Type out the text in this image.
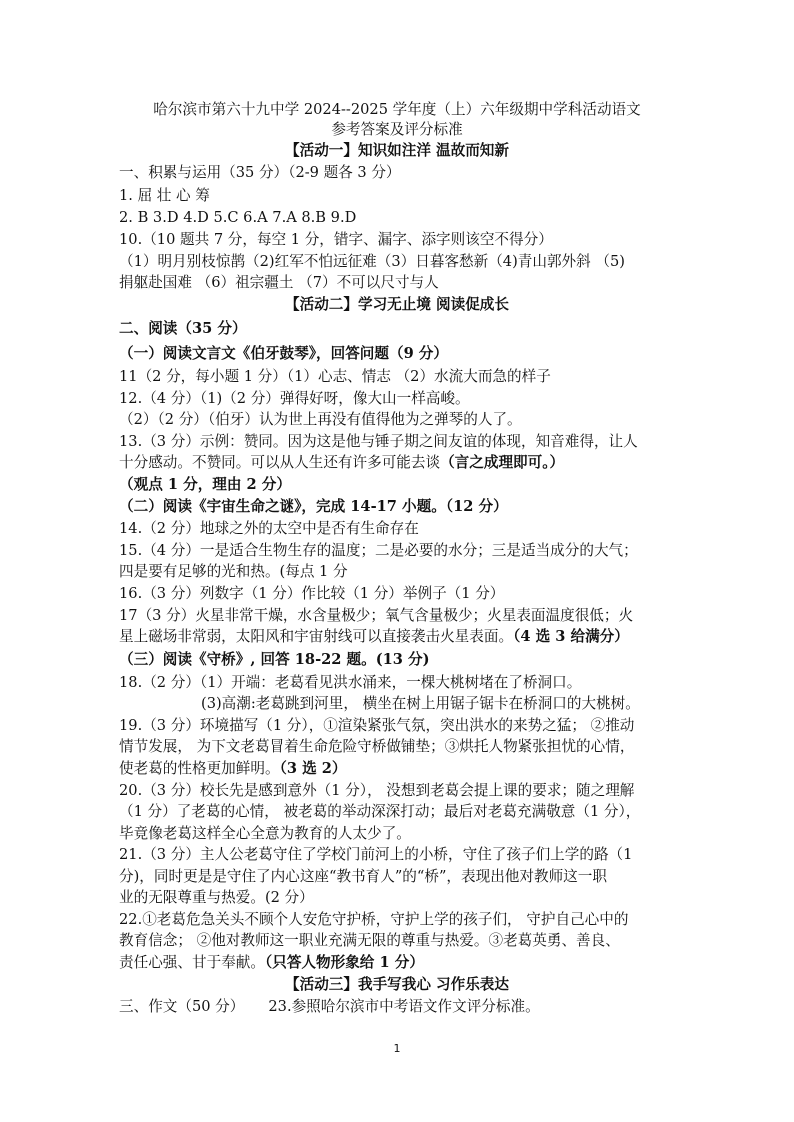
哈尔滨市第六十九中学 2024--2025 学年度（上）六年级期中学科活动语文
参考答案及评分标准
【活动一】知识如注洋 温故而知新
一、积累与运用（35 分）（2-9 题各 3 分）
1. 屈 壮 心 筹
2. B 3.D 4.D 5.C 6.A 7.A 8.B 9.D
10.（10 题共 7 分，每空 1 分，错字、漏字、添字则该空不得分）
（1）明月别枝惊鹊（2)红军不怕远征难（3）日暮客愁新（4)青山郭外斜 （5)
捐躯赴国难 （6）祖宗疆土 （7）不可以尺寸与人
【活动二】学习无止境 阅读促成长
二、阅读（35 分）
（一）阅读文言文《伯牙鼓琴》，回答问题（9 分）
11（2 分，每小题 1 分）（1）心志、情志 （2）水流大而急的样子
12.（4 分）（1)（2 分）弹得好呀，像大山一样高峻。
（2）（2 分）（伯牙）认为世上再没有值得他为之弹琴的人了。
13.（3 分）示例：赞同。因为这是他与锤子期之间友谊的体现，知音难得，让人
十分感动。不赞同。可以从人生还有许多可能去谈（言之成理即可。）
（观点 1 分，理由 2 分）
（二）阅读《宇宙生命之谜》，完成 14-17 小题。（12 分）
14.（2 分）地球之外的太空中是否有生命存在
15.（4 分）一是适合生物生存的温度；二是必要的水分；三是适当成分的大气；
四是要有足够的光和热。(每点 1 分
16.（3 分）列数字（1 分）作比较（1 分）举例子（1 分）
17（3 分）火星非常干燥，水含量极少；氧气含量极少；火星表面温度很低；火
星上磁场非常弱，太阳风和宇宙射线可以直接袭击火星表面。（4 选 3 给满分）
（三）阅读《守桥》, 回答 18-22 题。(13 分)
18.（2 分）（1）开端：老葛看见洪水涌来，一棵大桃树堵在了桥洞口。
(3)高潮:老葛跳到河里， 横坐在树上用锯子锯卡在桥洞口的大桃树。
19.（3 分）环境描写（1 分），①渲染紧张气氛，突出洪水的来势之猛； ②推动
情节发展， 为下文老葛冒着生命危险守桥做铺垫；③烘托人物紧张担忧的心情，
使老葛的性格更加鲜明。（3 选 2）
20.（3 分）校长先是感到意外（1 分）， 没想到老葛会提上课的要求；随之理解
（1 分）了老葛的心情， 被老葛的举动深深打动；最后对老葛充满敬意（1 分），
毕竟像老葛这样全心全意为教育的人太少了。
21.（3 分）主人公老葛守住了学校门前河上的小桥，守住了孩子们上学的路（1
分)，同时更是是守住了内心这座“教书育人”的“桥”，表现出他对教师这一职
业的无限尊重与热爱。(2 分）
22.①老葛危急关头不顾个人安危守护桥，守护上学的孩子们， 守护自己心中的
教育信念； ②他对教师这一职业充满无限的尊重与热爱。③老葛英勇、善良、
责任心强、甘于奉献。（只答人物形象给 1 分）
【活动三】我手写我心 习作乐表达
三、作文（50 分） 23.参照哈尔滨市中考语文作文评分标准。
1
